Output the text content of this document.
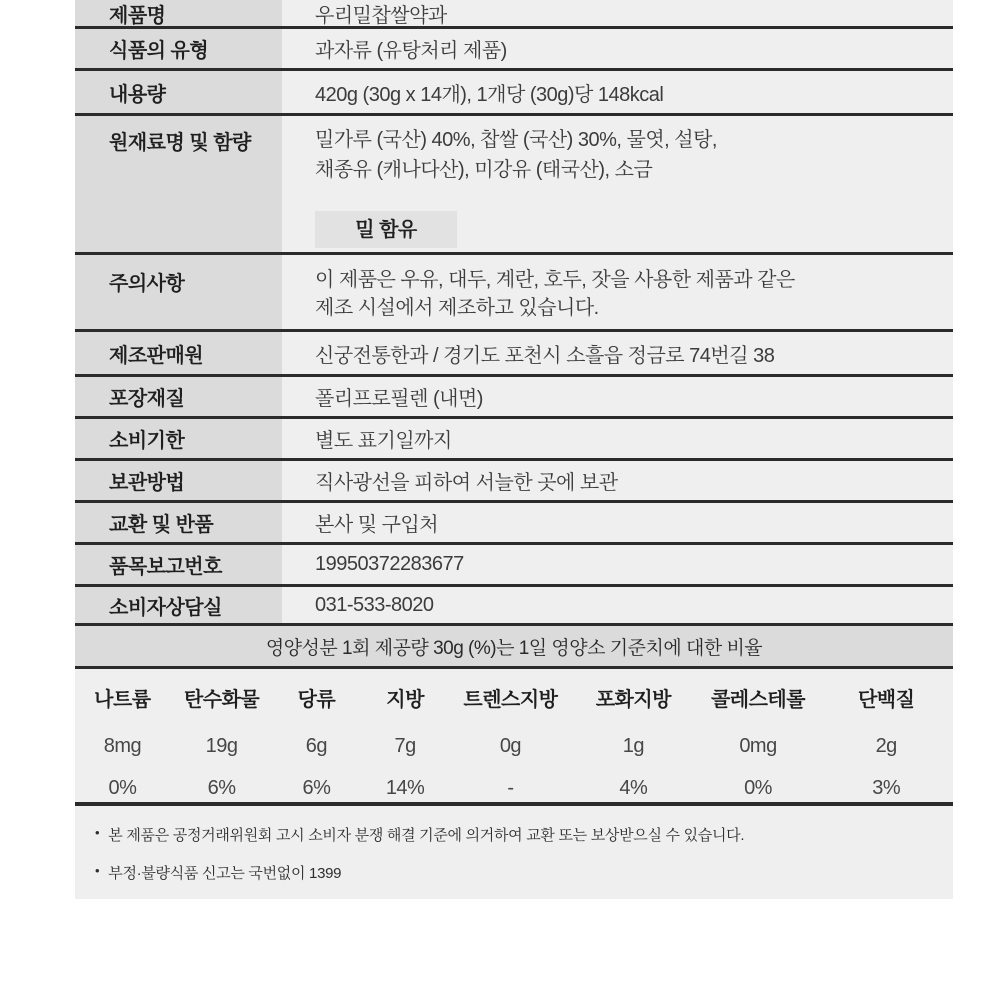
제품명	우리밀찹쌀약과
식품의 유형	과자류 (유탕처리 제품)
내용량	420g (30g x 14개), 1개당 (30g)당 148kcal
원재료명 및 함량	밀가루 (국산) 40%, 찹쌀 (국산) 30%, 물엿, 설탕,
채종유 (캐나다산), 미강유 (태국산), 소금
밀 함유
주의사항	이 제품은 우유, 대두, 계란, 호두, 잣을 사용한 제품과 같은
제조 시설에서 제조하고 있습니다.
제조판매원	신궁전통한과 / 경기도 포천시 소흘읍 정금로 74번길 38
포장재질	폴리프로필렌 (내면)
소비기한	별도 표기일까지
보관방법	직사광선을 피하여 서늘한 곳에 보관
교환 및 반품	본사 및 구입처
품목보고번호	19950372283677
소비자상담실	031-533-8020
영양성분 1회 제공량 30g (%)는 1일 영양소 기준치에 대한 비율
나트륨	탄수화물	당류	지방	트렌스지방	포화지방	콜레스테롤	단백질
8mg	19g	6g	7g	0g	1g	0mg	2g
0%	6%	6%	14%	-	4%	0%	3%
• 본 제품은 공정거래위원회 고시 소비자 분쟁 해결 기준에 의거하여 교환 또는 보상받으실 수 있습니다.
• 부정·불량식품 신고는 국번없이 1399
